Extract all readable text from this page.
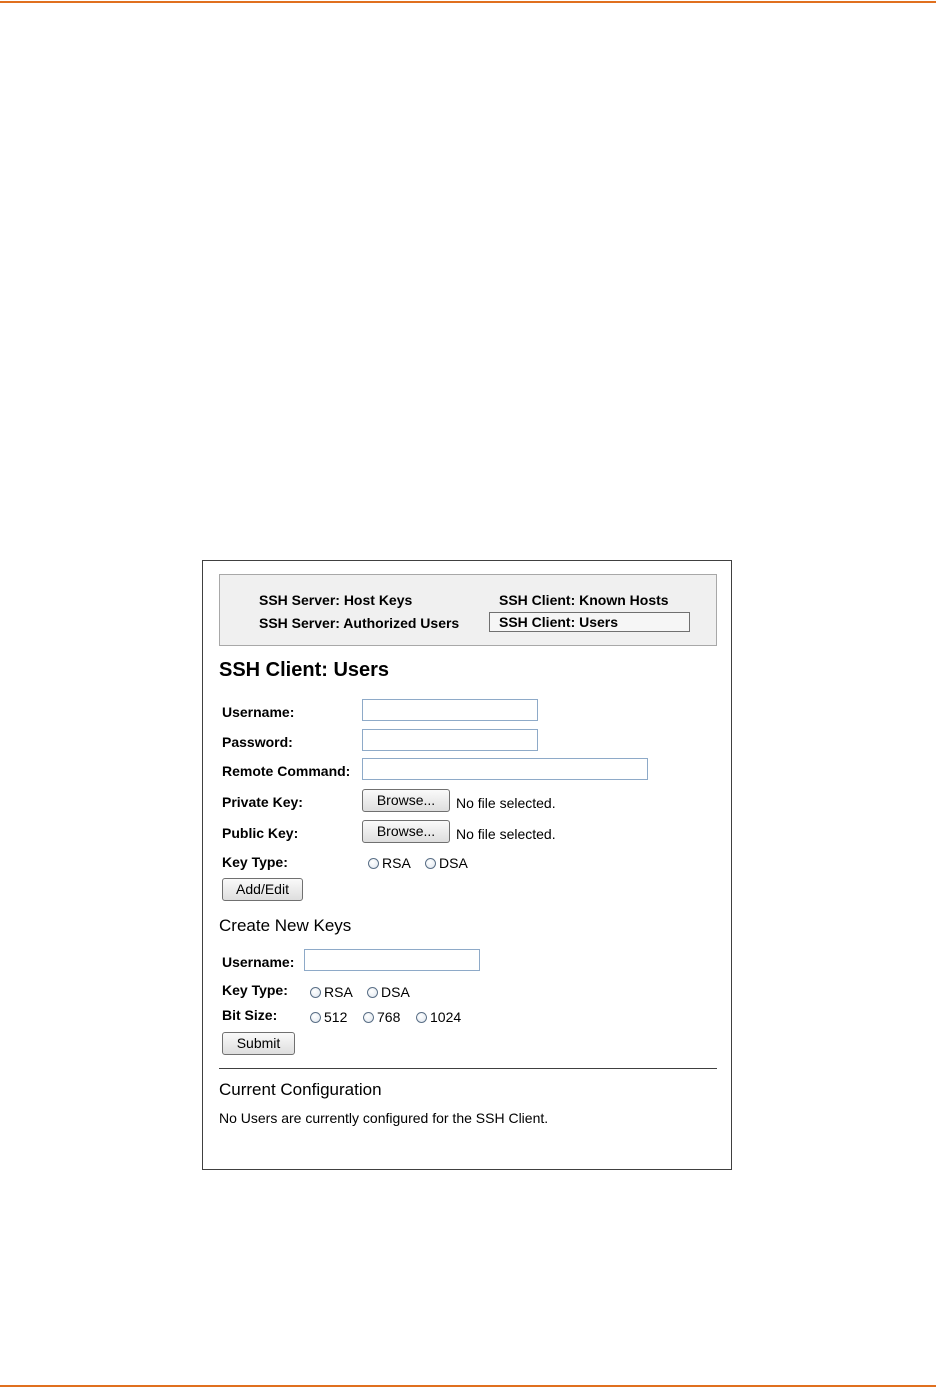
SSH Server: Host Keys	SSH Client: Known Hosts
SSH Server: Authorized Users	SSH Client: Users
SSH Client: Users
Username:
Password:
Remote Command:
Private Key:	Browse...	No file selected.
Public Key:	Browse...	No file selected.
Key Type:	RSA DSA
Add/Edit
Create New Keys
Username:
Key Type:	RSA DSA
Bit Size:	512 768 1024
Submit
Current Configuration
No Users are currently configured for the SSH Client.
